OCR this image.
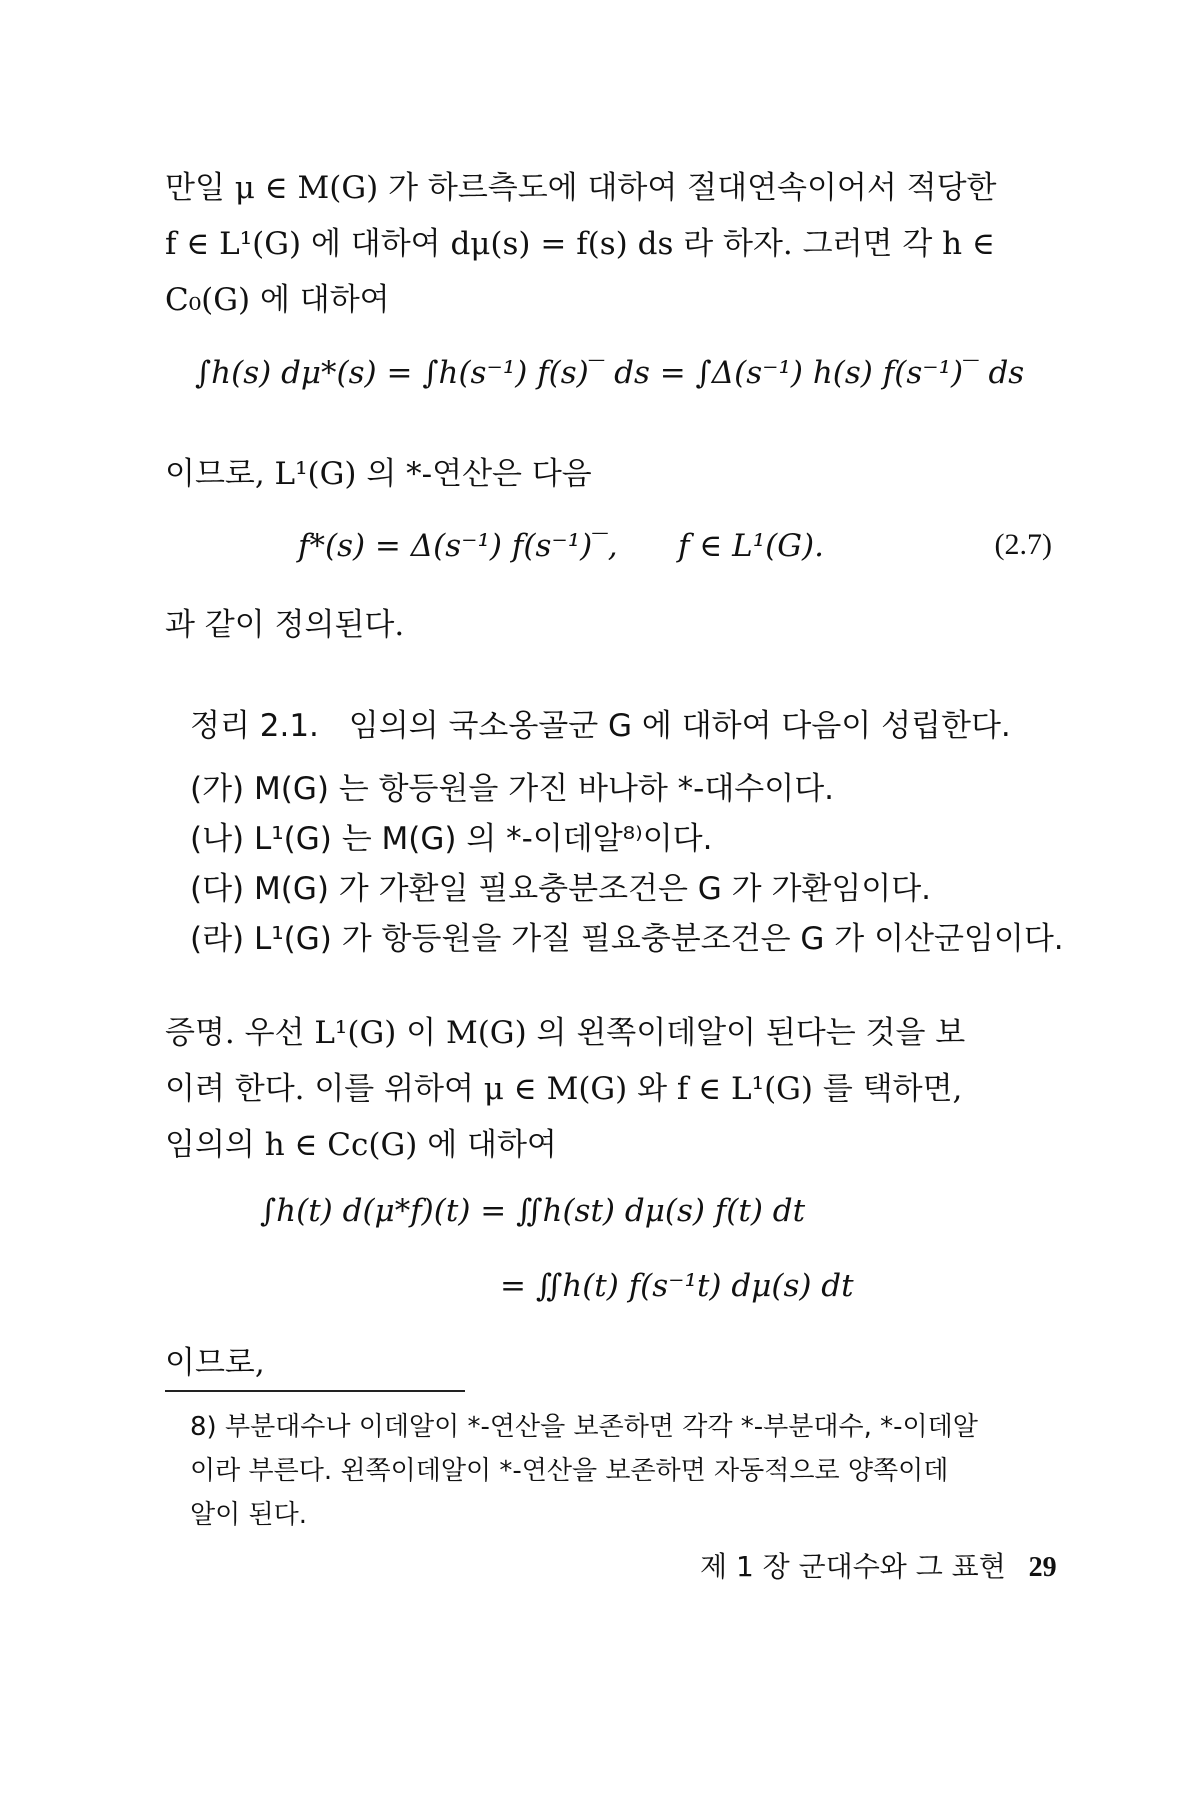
만일 μ ∈ M(G) 가 하르측도에 대하여 절대연속이어서 적당한
f ∈ L¹(G) 에 대하여 dμ(s) = f(s) ds 라 하자. 그러면 각 h ∈
C₀(G) 에 대하여
∫h(s) dμ*(s) = ∫h(s⁻¹) f(s)‾ ds = ∫Δ(s⁻¹) h(s) f(s⁻¹)‾ ds
이므로, L¹(G) 의 *-연산은 다음
f*(s) = Δ(s⁻¹) f(s⁻¹)‾, f ∈ L¹(G).	(2.7)
과 같이 정의된다.
정리 2.1. 임의의 국소옹골군 G 에 대하여 다음이 성립한다.
(가) M(G) 는 항등원을 가진 바나하 *-대수이다.
(나) L¹(G) 는 M(G) 의 *-이데알⁸⁾이다.
(다) M(G) 가 가환일 필요충분조건은 G 가 가환임이다.
(라) L¹(G) 가 항등원을 가질 필요충분조건은 G 가 이산군임이다.
증명. 우선 L¹(G) 이 M(G) 의 왼쪽이데알이 된다는 것을 보
이려 한다. 이를 위하여 μ ∈ M(G) 와 f ∈ L¹(G) 를 택하면,
임의의 h ∈ Cc(G) 에 대하여
∫h(t) d(μ*f)(t) = ∬h(st) dμ(s) f(t) dt
= ∬h(t) f(s⁻¹t) dμ(s) dt
이므로,
8) 부분대수나 이데알이 *-연산을 보존하면 각각 *-부분대수, *-이데알
이라 부른다. 왼쪽이데알이 *-연산을 보존하면 자동적으로 양쪽이데
알이 된다.
제 1 장 군대수와 그 표현 29
